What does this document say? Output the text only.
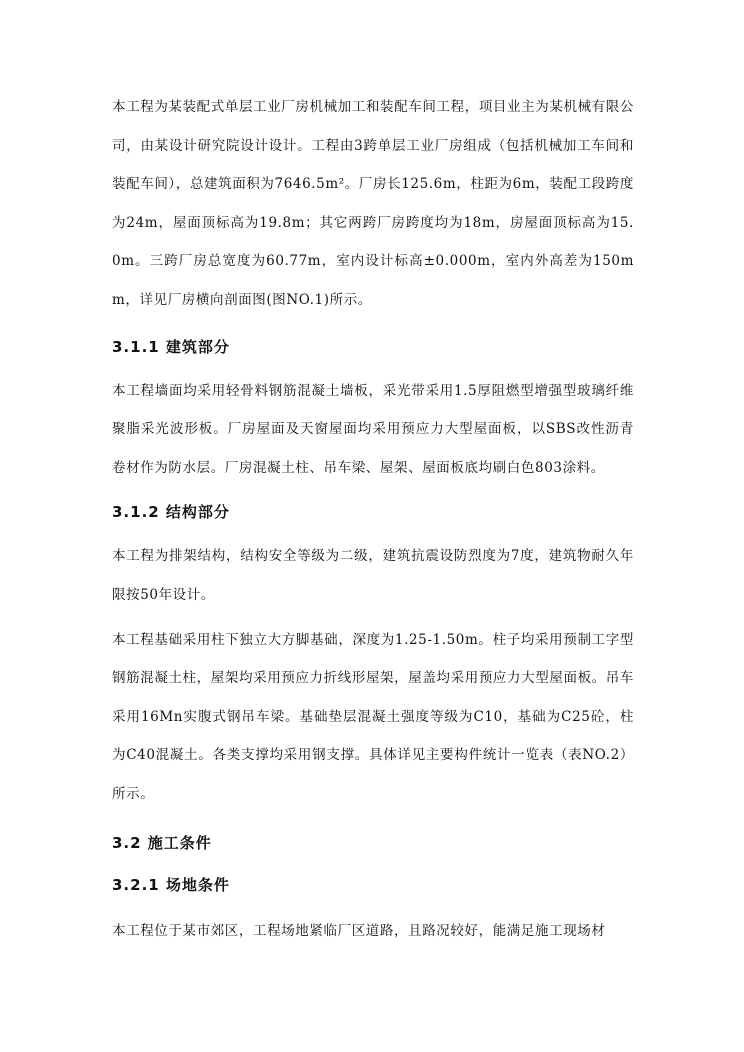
本工程为某装配式单层工业厂房机械加工和装配车间工程，项目业主为某机械有限公司，由某设计研究院设计设计。工程由3跨单层工业厂房组成（包括机械加工车间和装配车间），总建筑面积为7646.5m²。厂房长125.6m，柱距为6m，装配工段跨度为24m，屋面顶标高为19.8m；其它两跨厂房跨度均为18m，房屋面顶标高为15.0m。三跨厂房总宽度为60.77m，室内设计标高±0.000m，室内外高差为150mm，详见厂房横向剖面图(图NO.1)所示。

3.1.1 建筑部分

本工程墙面均采用轻骨料钢筋混凝土墙板，采光带采用1.5厚阻燃型增强型玻璃纤维聚脂采光波形板。厂房屋面及天窗屋面均采用预应力大型屋面板，以SBS改性沥青卷材作为防水层。厂房混凝土柱、吊车梁、屋架、屋面板底均刷白色803涂料。

3.1.2 结构部分

本工程为排架结构，结构安全等级为二级，建筑抗震设防烈度为7度，建筑物耐久年限按50年设计。

本工程基础采用柱下独立大方脚基础，深度为1.25-1.50m。柱子均采用预制工字型钢筋混凝土柱，屋架均采用预应力折线形屋架，屋盖均采用预应力大型屋面板。吊车采用16Mn实腹式钢吊车梁。基础垫层混凝土强度等级为C10，基础为C25砼，柱为C40混凝土。各类支撑均采用钢支撑。具体详见主要构件统计一览表（表NO.2）所示。

3.2 施工条件
3.2.1 场地条件

本工程位于某市郊区，工程场地紧临厂区道路，且路况较好，能满足施工现场材
